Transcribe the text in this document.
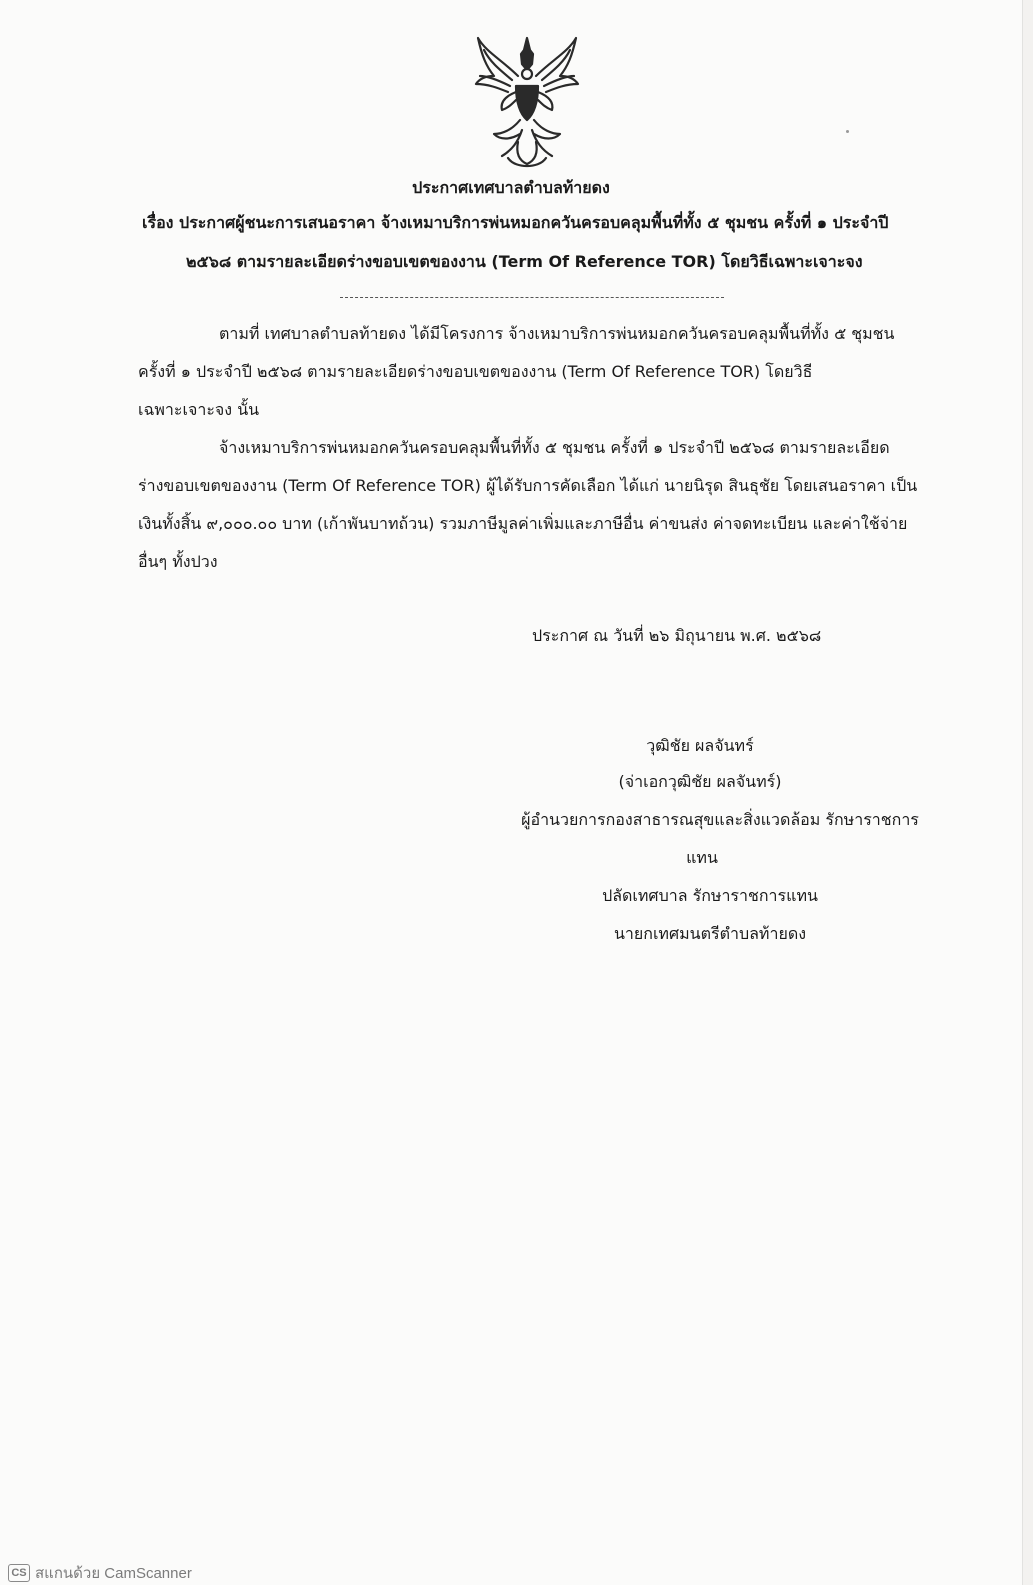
ประกาศเทศบาลตำบลท้ายดง
เรื่อง ประกาศผู้ชนะการเสนอราคา จ้างเหมาบริการพ่นหมอกควันครอบคลุมพื้นที่ทั้ง ๕ ชุมชน ครั้งที่ ๑ ประจำปี
๒๕๖๘ ตามรายละเอียดร่างขอบเขตของงาน (Term Of Reference TOR) โดยวิธีเฉพาะเจาะจง
ตามที่ เทศบาลตำบลท้ายดง ได้มีโครงการ จ้างเหมาบริการพ่นหมอกควันครอบคลุมพื้นที่ทั้ง ๕ ชุมชน
ครั้งที่ ๑ ประจำปี ๒๕๖๘ ตามรายละเอียดร่างขอบเขตของงาน (Term Of Reference TOR) โดยวิธี
เฉพาะเจาะจง นั้น
จ้างเหมาบริการพ่นหมอกควันครอบคลุมพื้นที่ทั้ง ๕ ชุมชน ครั้งที่ ๑ ประจำปี ๒๕๖๘ ตามรายละเอียด
ร่างขอบเขตของงาน (Term Of Reference TOR) ผู้ได้รับการคัดเลือก ได้แก่ นายนิรุด สินธุชัย โดยเสนอราคา เป็น
เงินทั้งสิ้น ๙,๐๐๐.๐๐ บาท (เก้าพันบาทถ้วน) รวมภาษีมูลค่าเพิ่มและภาษีอื่น ค่าขนส่ง ค่าจดทะเบียน และค่าใช้จ่าย
อื่นๆ ทั้งปวง
ประกาศ ณ วันที่ ๒๖ มิถุนายน พ.ศ. ๒๕๖๘
วุฒิชัย ผลจันทร์
(จ่าเอกวุฒิชัย ผลจันทร์)
ผู้อำนวยการกองสาธารณสุขและสิ่งแวดล้อม รักษาราชการ
แทน
ปลัดเทศบาล รักษาราชการแทน
นายกเทศมนตรีตำบลท้ายดง
CS สแกนด้วย CamScanner
